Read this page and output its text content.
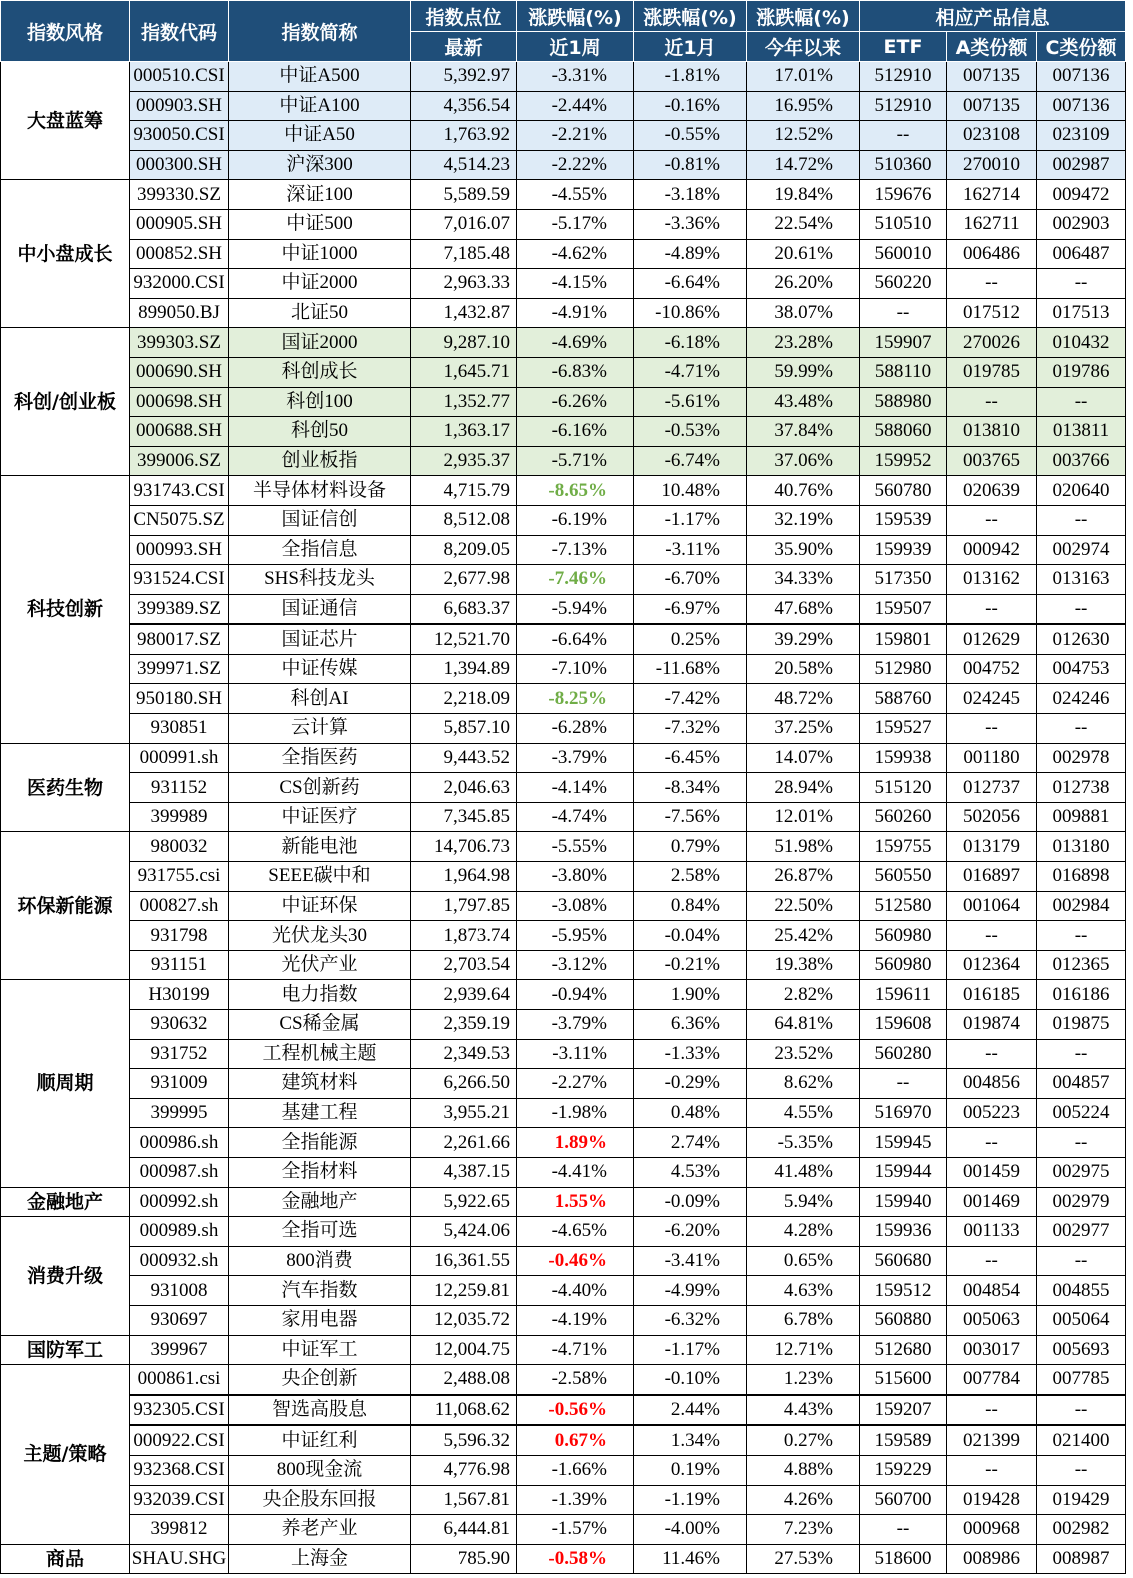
指数风格	指数代码	指数简称	指数点位	涨跌幅(%)	涨跌幅(%)	涨跌幅(%)	相应产品信息		
			最新	近1周	近1月	今年以来	ETF	A类份额	C类份额
大盘蓝筹	000510.CSI	中证A500	5,392.97	-3.31%	-1.81%	17.01%	512910	007135	007136
	000903.SH	中证A100	4,356.54	-2.44%	-0.16%	16.95%	512910	007135	007136
	930050.CSI	中证A50	1,763.92	-2.21%	-0.55%	12.52%	--	023108	023109
	000300.SH	沪深300	4,514.23	-2.22%	-0.81%	14.72%	510360	270010	002987
中小盘成长	399330.SZ	深证100	5,589.59	-4.55%	-3.18%	19.84%	159676	162714	009472
	000905.SH	中证500	7,016.07	-5.17%	-3.36%	22.54%	510510	162711	002903
	000852.SH	中证1000	7,185.48	-4.62%	-4.89%	20.61%	560010	006486	006487
	932000.CSI	中证2000	2,963.33	-4.15%	-6.64%	26.20%	560220	--	--
	899050.BJ	北证50	1,432.87	-4.91%	-10.86%	38.07%	--	017512	017513
科创/创业板	399303.SZ	国证2000	9,287.10	-4.69%	-6.18%	23.28%	159907	270026	010432
	000690.SH	科创成长	1,645.71	-6.83%	-4.71%	59.99%	588110	019785	019786
	000698.SH	科创100	1,352.77	-6.26%	-5.61%	43.48%	588980	--	--
	000688.SH	科创50	1,363.17	-6.16%	-0.53%	37.84%	588060	013810	013811
	399006.SZ	创业板指	2,935.37	-5.71%	-6.74%	37.06%	159952	003765	003766
科技创新	931743.CSI	半导体材料设备	4,715.79	-8.65%	10.48%	40.76%	560780	020639	020640
	CN5075.SZ	国证信创	8,512.08	-6.19%	-1.17%	32.19%	159539	--	--
	000993.SH	全指信息	8,209.05	-7.13%	-3.11%	35.90%	159939	000942	002974
	931524.CSI	SHS科技龙头	2,677.98	-7.46%	-6.70%	34.33%	517350	013162	013163
	399389.SZ	国证通信	6,683.37	-5.94%	-6.97%	47.68%	159507	--	--
	980017.SZ	国证芯片	12,521.70	-6.64%	0.25%	39.29%	159801	012629	012630
	399971.SZ	中证传媒	1,394.89	-7.10%	-11.68%	20.58%	512980	004752	004753
	950180.SH	科创AI	2,218.09	-8.25%	-7.42%	48.72%	588760	024245	024246
	930851	云计算	5,857.10	-6.28%	-7.32%	37.25%	159527	--	--
医药生物	000991.sh	全指医药	9,443.52	-3.79%	-6.45%	14.07%	159938	001180	002978
	931152	CS创新药	2,046.63	-4.14%	-8.34%	28.94%	515120	012737	012738
	399989	中证医疗	7,345.85	-4.74%	-7.56%	12.01%	560260	502056	009881
环保新能源	980032	新能电池	14,706.73	-5.55%	0.79%	51.98%	159755	013179	013180
	931755.csi	SEEE碳中和	1,964.98	-3.80%	2.58%	26.87%	560550	016897	016898
	000827.sh	中证环保	1,797.85	-3.08%	0.84%	22.50%	512580	001064	002984
	931798	光伏龙头30	1,873.74	-5.95%	-0.04%	25.42%	560980	--	--
	931151	光伏产业	2,703.54	-3.12%	-0.21%	19.38%	560980	012364	012365
顺周期	H30199	电力指数	2,939.64	-0.94%	1.90%	2.82%	159611	016185	016186
	930632	CS稀金属	2,359.19	-3.79%	6.36%	64.81%	159608	019874	019875
	931752	工程机械主题	2,349.53	-3.11%	-1.33%	23.52%	560280	--	--
	931009	建筑材料	6,266.50	-2.27%	-0.29%	8.62%	--	004856	004857
	399995	基建工程	3,955.21	-1.98%	0.48%	4.55%	516970	005223	005224
	000986.sh	全指能源	2,261.66	1.89%	2.74%	-5.35%	159945	--	--
	000987.sh	全指材料	4,387.15	-4.41%	4.53%	41.48%	159944	001459	002975
金融地产	000992.sh	金融地产	5,922.65	1.55%	-0.09%	5.94%	159940	001469	002979
消费升级	000989.sh	全指可选	5,424.06	-4.65%	-6.20%	4.28%	159936	001133	002977
	000932.sh	800消费	16,361.55	-0.46%	-3.41%	0.65%	560680	--	--
	931008	汽车指数	12,259.81	-4.40%	-4.99%	4.63%	159512	004854	004855
	930697	家用电器	12,035.72	-4.19%	-6.32%	6.78%	560880	005063	005064
国防军工	399967	中证军工	12,004.75	-4.71%	-1.17%	12.71%	512680	003017	005693
主题/策略	000861.csi	央企创新	2,488.08	-2.58%	-0.10%	1.23%	515600	007784	007785
	932305.CSI	智选高股息	11,068.62	-0.56%	2.44%	4.43%	159207	--	--
	000922.CSI	中证红利	5,596.32	0.67%	1.34%	0.27%	159589	021399	021400
	932368.CSI	800现金流	4,776.98	-1.66%	0.19%	4.88%	159229	--	--
	932039.CSI	央企股东回报	1,567.81	-1.39%	-1.19%	4.26%	560700	019428	019429
	399812	养老产业	6,444.81	-1.57%	-4.00%	7.23%	--	000968	002982
商品	SHAU.SHG	上海金	785.90	-0.58%	11.46%	27.53%	518600	008986	008987
